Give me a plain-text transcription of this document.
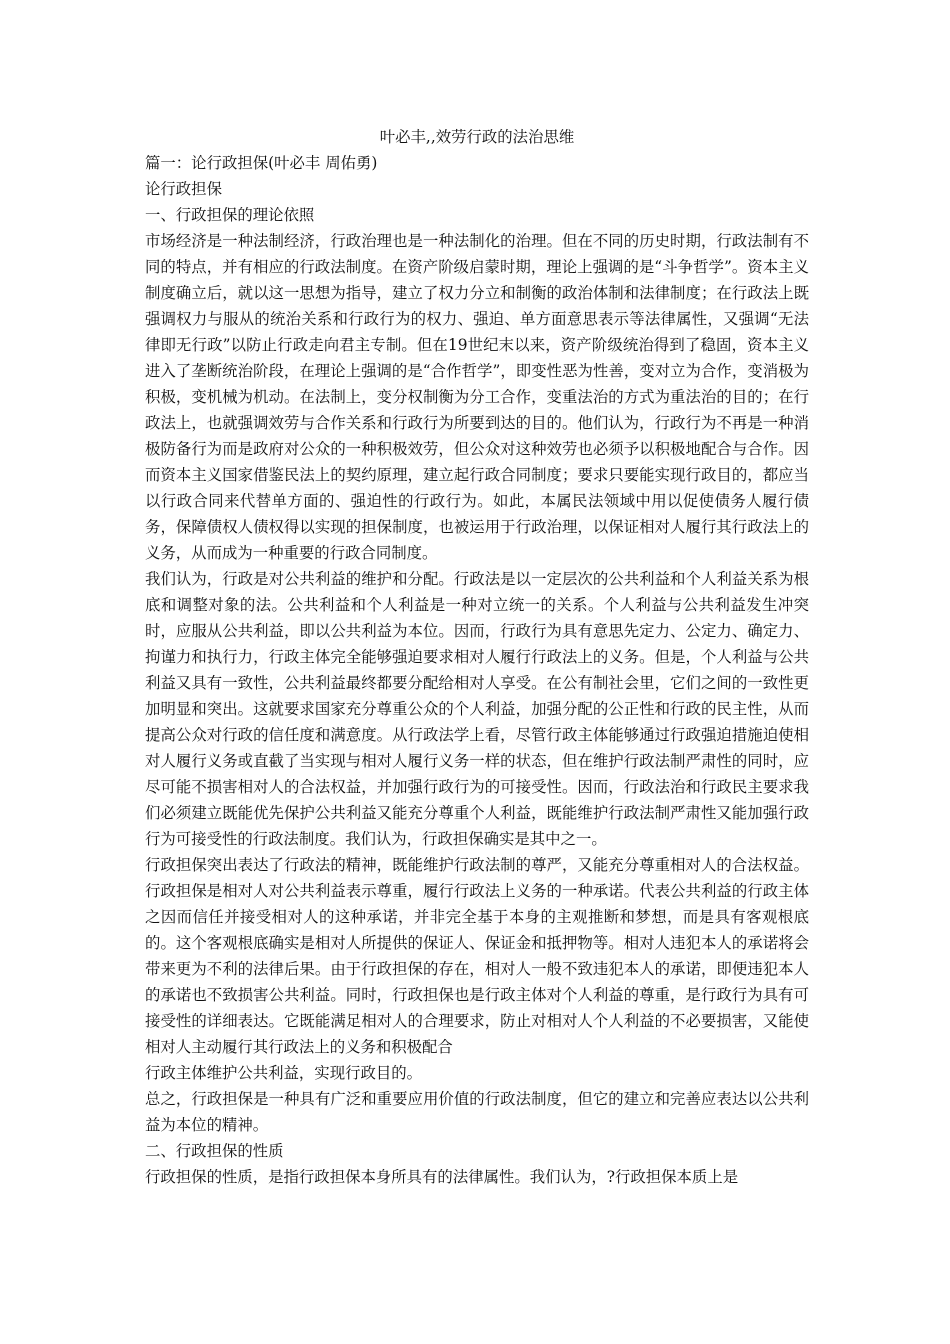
叶必丰,,效劳行政的法治思维

篇一：论行政担保(叶必丰 周佑勇)

论行政担保

一、行政担保的理论依照

市场经济是一种法制经济，行政治理也是一种法制化的治理。但在不同的历史时期，行政法制有不同的特点，并有相应的行政法制度。在资产阶级启蒙时期，理论上强调的是“斗争哲学”。资本主义制度确立后，就以这一思想为指导，建立了权力分立和制衡的政治体制和法律制度；在行政法上既强调权力与服从的统治关系和行政行为的权力、强迫、单方面意思表示等法律属性，又强调“无法律即无行政”以防止行政走向君主专制。但在19世纪末以来，资产阶级统治得到了稳固，资本主义进入了垄断统治阶段，在理论上强调的是“合作哲学”，即变性恶为性善，变对立为合作，变消极为积极，变机械为机动。在法制上，变分权制衡为分工合作，变重法治的方式为重法治的目的；在行政法上，也就强调效劳与合作关系和行政行为所要到达的目的。他们认为，行政行为不再是一种消极防备行为而是政府对公众的一种积极效劳，但公众对这种效劳也必须予以积极地配合与合作。因而资本主义国家借鉴民法上的契约原理，建立起行政合同制度；要求只要能实现行政目的，都应当以行政合同来代替单方面的、强迫性的行政行为。如此，本属民法领域中用以促使债务人履行债务，保障债权人债权得以实现的担保制度，也被运用于行政治理，以保证相对人履行其行政法上的义务，从而成为一种重要的行政合同制度。

我们认为，行政是对公共利益的维护和分配。行政法是以一定层次的公共利益和个人利益关系为根底和调整对象的法。公共利益和个人利益是一种对立统一的关系。个人利益与公共利益发生冲突时，应服从公共利益，即以公共利益为本位。因而，行政行为具有意思先定力、公定力、确定力、拘谨力和执行力，行政主体完全能够强迫要求相对人履行行政法上的义务。但是，个人利益与公共利益又具有一致性，公共利益最终都要分配给相对人享受。在公有制社会里，它们之间的一致性更加明显和突出。这就要求国家充分尊重公众的个人利益，加强分配的公正性和行政的民主性，从而提高公众对行政的信任度和满意度。从行政法学上看，尽管行政主体能够通过行政强迫措施迫使相对人履行义务或直截了当实现与相对人履行义务一样的状态，但在维护行政法制严肃性的同时，应尽可能不损害相对人的合法权益，并加强行政行为的可接受性。因而，行政法治和行政民主要求我们必须建立既能优先保护公共利益又能充分尊重个人利益，既能维护行政法制严肃性又能加强行政行为可接受性的行政法制度。我们认为，行政担保确实是其中之一。

行政担保突出表达了行政法的精神，既能维护行政法制的尊严，又能充分尊重相对人的合法权益。行政担保是相对人对公共利益表示尊重，履行行政法上义务的一种承诺。代表公共利益的行政主体之因而信任并接受相对人的这种承诺，并非完全基于本身的主观推断和梦想，而是具有客观根底的。这个客观根底确实是相对人所提供的保证人、保证金和抵押物等。相对人违犯本人的承诺将会带来更为不利的法律后果。由于行政担保的存在，相对人一般不致违犯本人的承诺，即便违犯本人的承诺也不致损害公共利益。同时，行政担保也是行政主体对个人利益的尊重，是行政行为具有可接受性的详细表达。它既能满足相对人的合理要求，防止对相对人个人利益的不必要损害，又能使相对人主动履行其行政法上的义务和积极配合

行政主体维护公共利益，实现行政目的。

总之，行政担保是一种具有广泛和重要应用价值的行政法制度，但它的建立和完善应表达以公共利益为本位的精神。

二、行政担保的性质

行政担保的性质，是指行政担保本身所具有的法律属性。我们认为，?行政担保本质上是
